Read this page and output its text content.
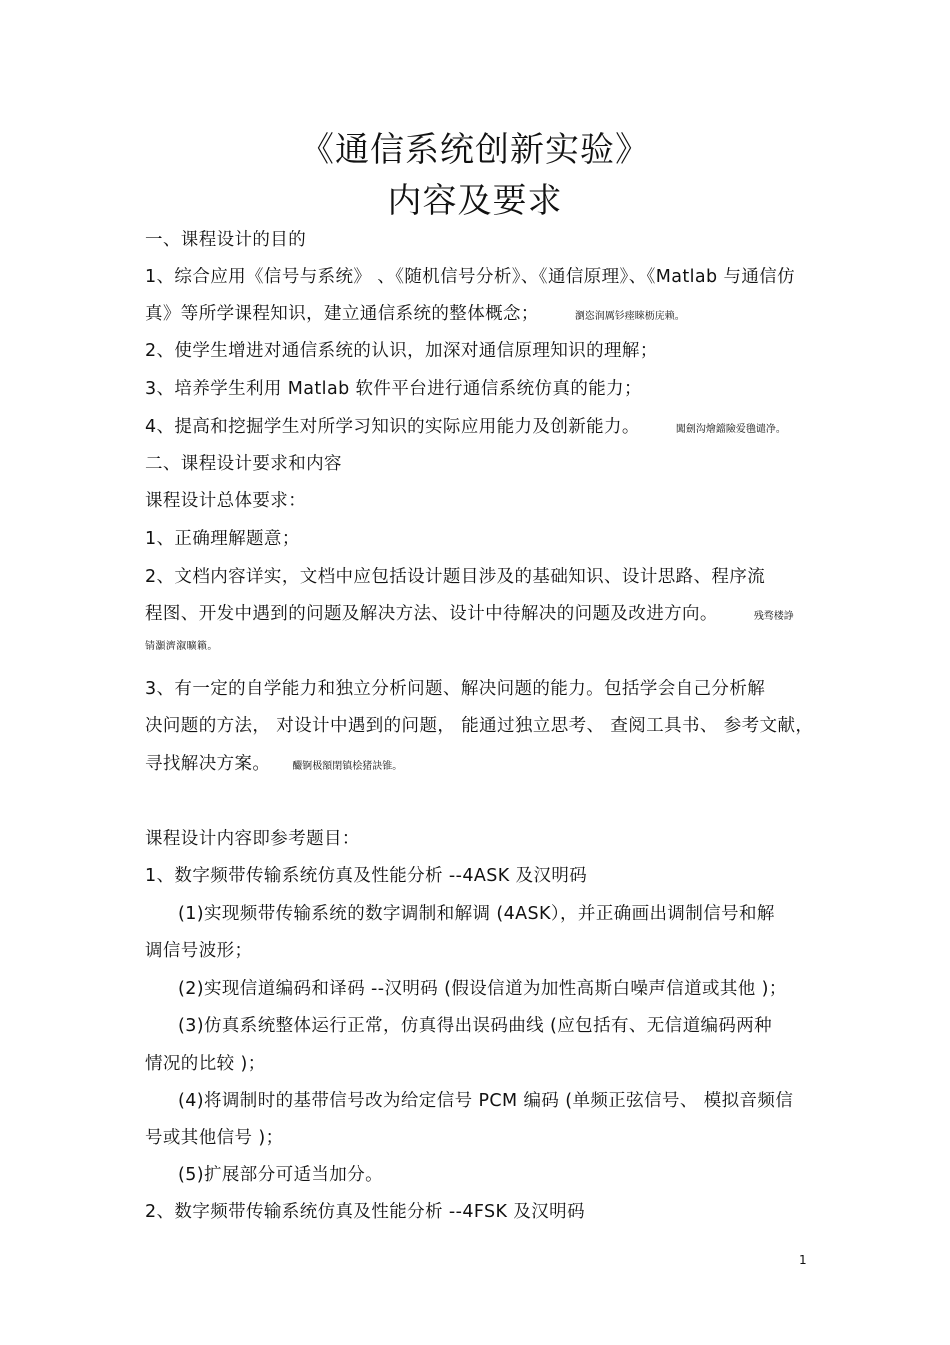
《通信系统创新实验》
内容及要求
一、课程设计的目的
1、综合应用《信号与系统》 、《随机信号分析》、《通信原理》、《Matlab 与通信仿
真》等所学课程知识，建立通信系统的整体概念；	瀏恣润厲钐瘗睞枥庑赖。
2、使学生增进对通信系统的认识，加深对通信原理知识的理解；
3、培养学生利用 Matlab 软件平台进行通信系统仿真的能力；
4、提高和挖掘学生对所学习知识的实际应用能力及创新能力。	闖劍沟燴鐺險爱氇谴净。
二、课程设计要求和内容
课程设计总体要求：
1、正确理解题意；
2、文档内容详实，文档中应包括设计题目涉及的基础知识、设计思路、程序流
程图、开发中遇到的问题及解决方法、设计中待解决的问题及改进方向。	残骛楼諍
锖灝濟溆曠籟。
3、有一定的自学能力和独立分析问题、解决问题的能力。包括学会自己分析解
决问题的方法， 对设计中遇到的问题， 能通过独立思考、 查阅工具书、 参考文献，
寻找解决方案。 釅锕极額閉镇桧猪訣锥。
课程设计内容即参考题目：
1、数字频带传输系统仿真及性能分析 --4ASK 及汉明码
(1)实现频带传输系统的数字调制和解调 (4ASK），并正确画出调制信号和解
调信号波形；
(2)实现信道编码和译码 --汉明码 (假设信道为加性高斯白噪声信道或其他 )；
(3)仿真系统整体运行正常，仿真得出误码曲线 (应包括有、无信道编码两种
情况的比较 )；
(4)将调制时的基带信号改为给定信号 PCM 编码 (单频正弦信号、 模拟音频信
号或其他信号 )；
(5)扩展部分可适当加分。
2、数字频带传输系统仿真及性能分析 --4FSK 及汉明码
1
